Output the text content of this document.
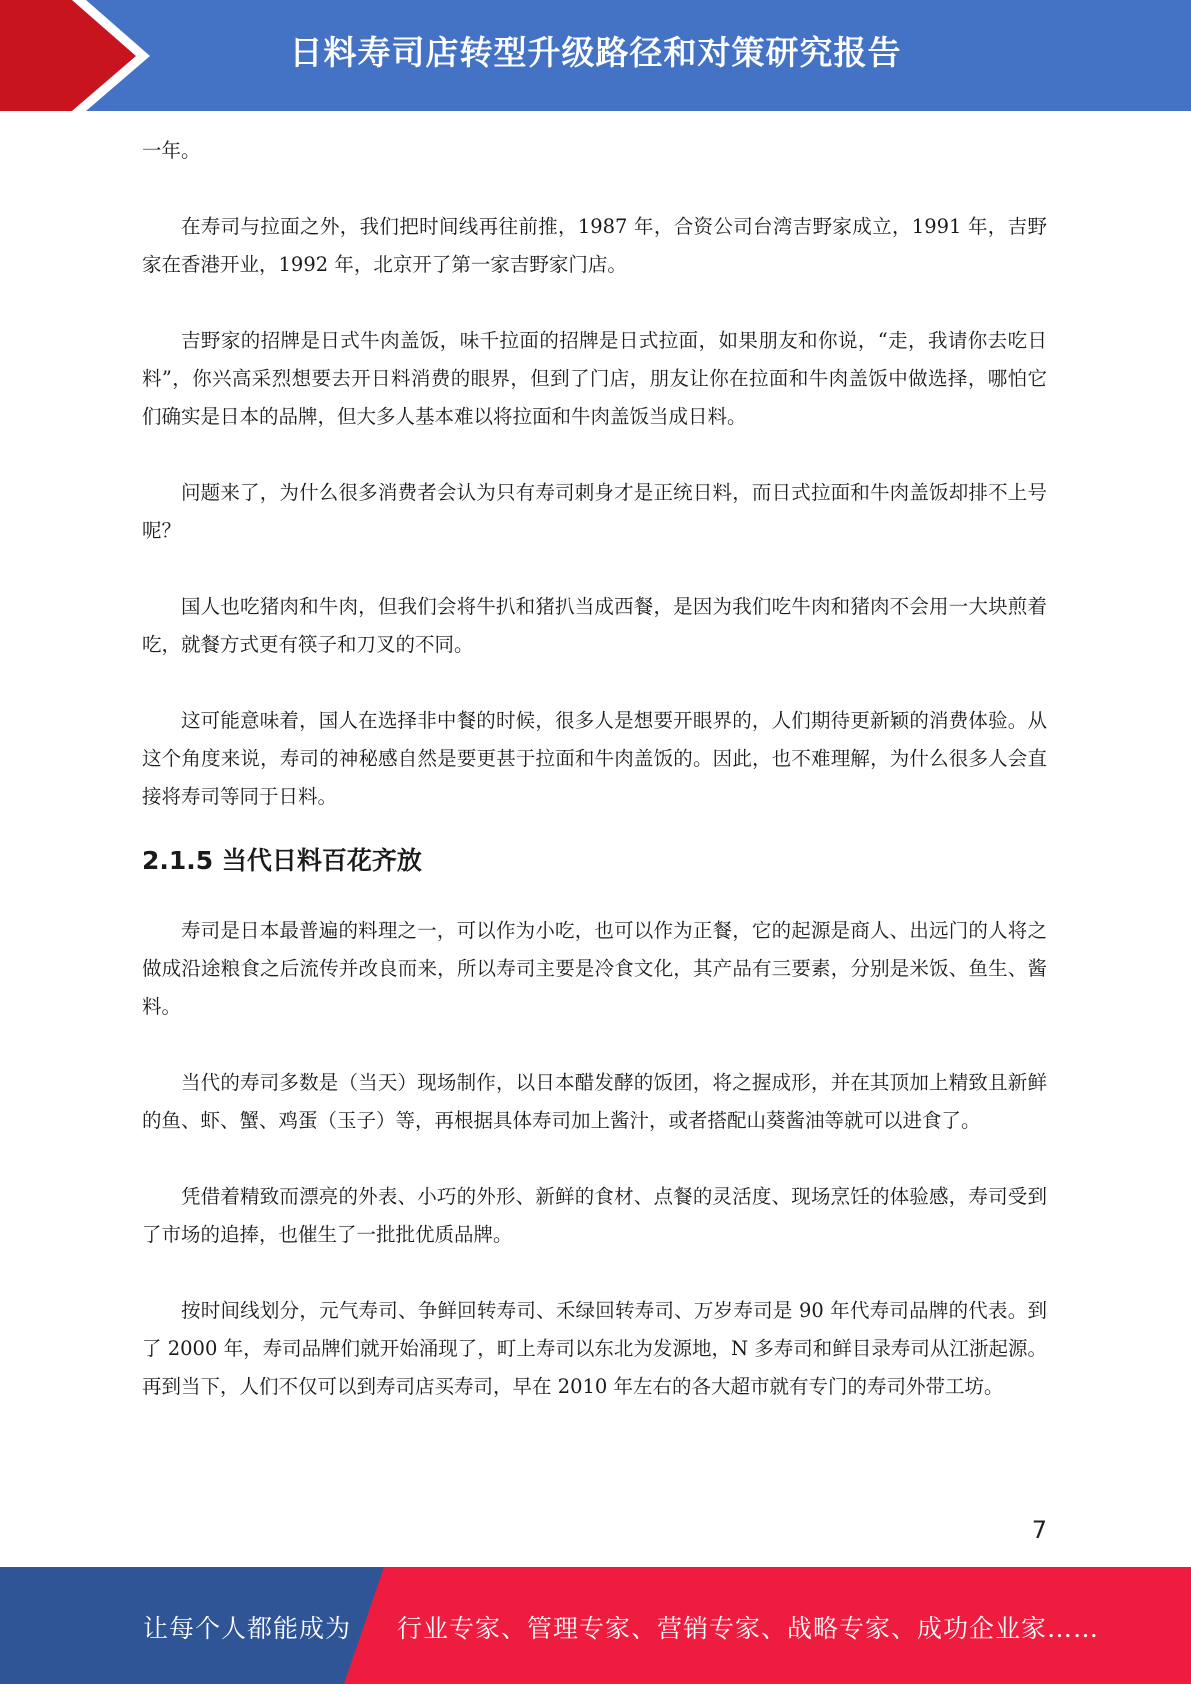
日料寿司店转型升级路径和对策研究报告

一年。

在寿司与拉面之外，我们把时间线再往前推，1987 年，合资公司台湾吉野家成立，1991 年，吉野家在香港开业，1992 年，北京开了第一家吉野家门店。

吉野家的招牌是日式牛肉盖饭，味千拉面的招牌是日式拉面，如果朋友和你说，“走，我请你去吃日料”，你兴高采烈想要去开日料消费的眼界，但到了门店，朋友让你在拉面和牛肉盖饭中做选择，哪怕它们确实是日本的品牌，但大多人基本难以将拉面和牛肉盖饭当成日料。

问题来了，为什么很多消费者会认为只有寿司刺身才是正统日料，而日式拉面和牛肉盖饭却排不上号呢？

国人也吃猪肉和牛肉，但我们会将牛扒和猪扒当成西餐，是因为我们吃牛肉和猪肉不会用一大块煎着吃，就餐方式更有筷子和刀叉的不同。

这可能意味着，国人在选择非中餐的时候，很多人是想要开眼界的，人们期待更新颖的消费体验。从这个角度来说，寿司的神秘感自然是要更甚于拉面和牛肉盖饭的。因此，也不难理解，为什么很多人会直接将寿司等同于日料。

2.1.5 当代日料百花齐放

寿司是日本最普遍的料理之一，可以作为小吃，也可以作为正餐，它的起源是商人、出远门的人将之做成沿途粮食之后流传并改良而来，所以寿司主要是冷食文化，其产品有三要素，分别是米饭、鱼生、酱料。

当代的寿司多数是（当天）现场制作，以日本醋发酵的饭团，将之握成形，并在其顶加上精致且新鲜的鱼、虾、蟹、鸡蛋（玉子）等，再根据具体寿司加上酱汁，或者搭配山葵酱油等就可以进食了。

凭借着精致而漂亮的外表、小巧的外形、新鲜的食材、点餐的灵活度、现场烹饪的体验感，寿司受到了市场的追捧，也催生了一批批优质品牌。

按时间线划分，元气寿司、争鲜回转寿司、禾绿回转寿司、万岁寿司是 90 年代寿司品牌的代表。到了 2000 年，寿司品牌们就开始涌现了，町上寿司以东北为发源地，N 多寿司和鲜目录寿司从江浙起源。再到当下，人们不仅可以到寿司店买寿司，早在 2010 年左右的各大超市就有专门的寿司外带工坊。

7
让每个人都能成为 行业专家、管理专家、营销专家、战略专家、成功企业家……
